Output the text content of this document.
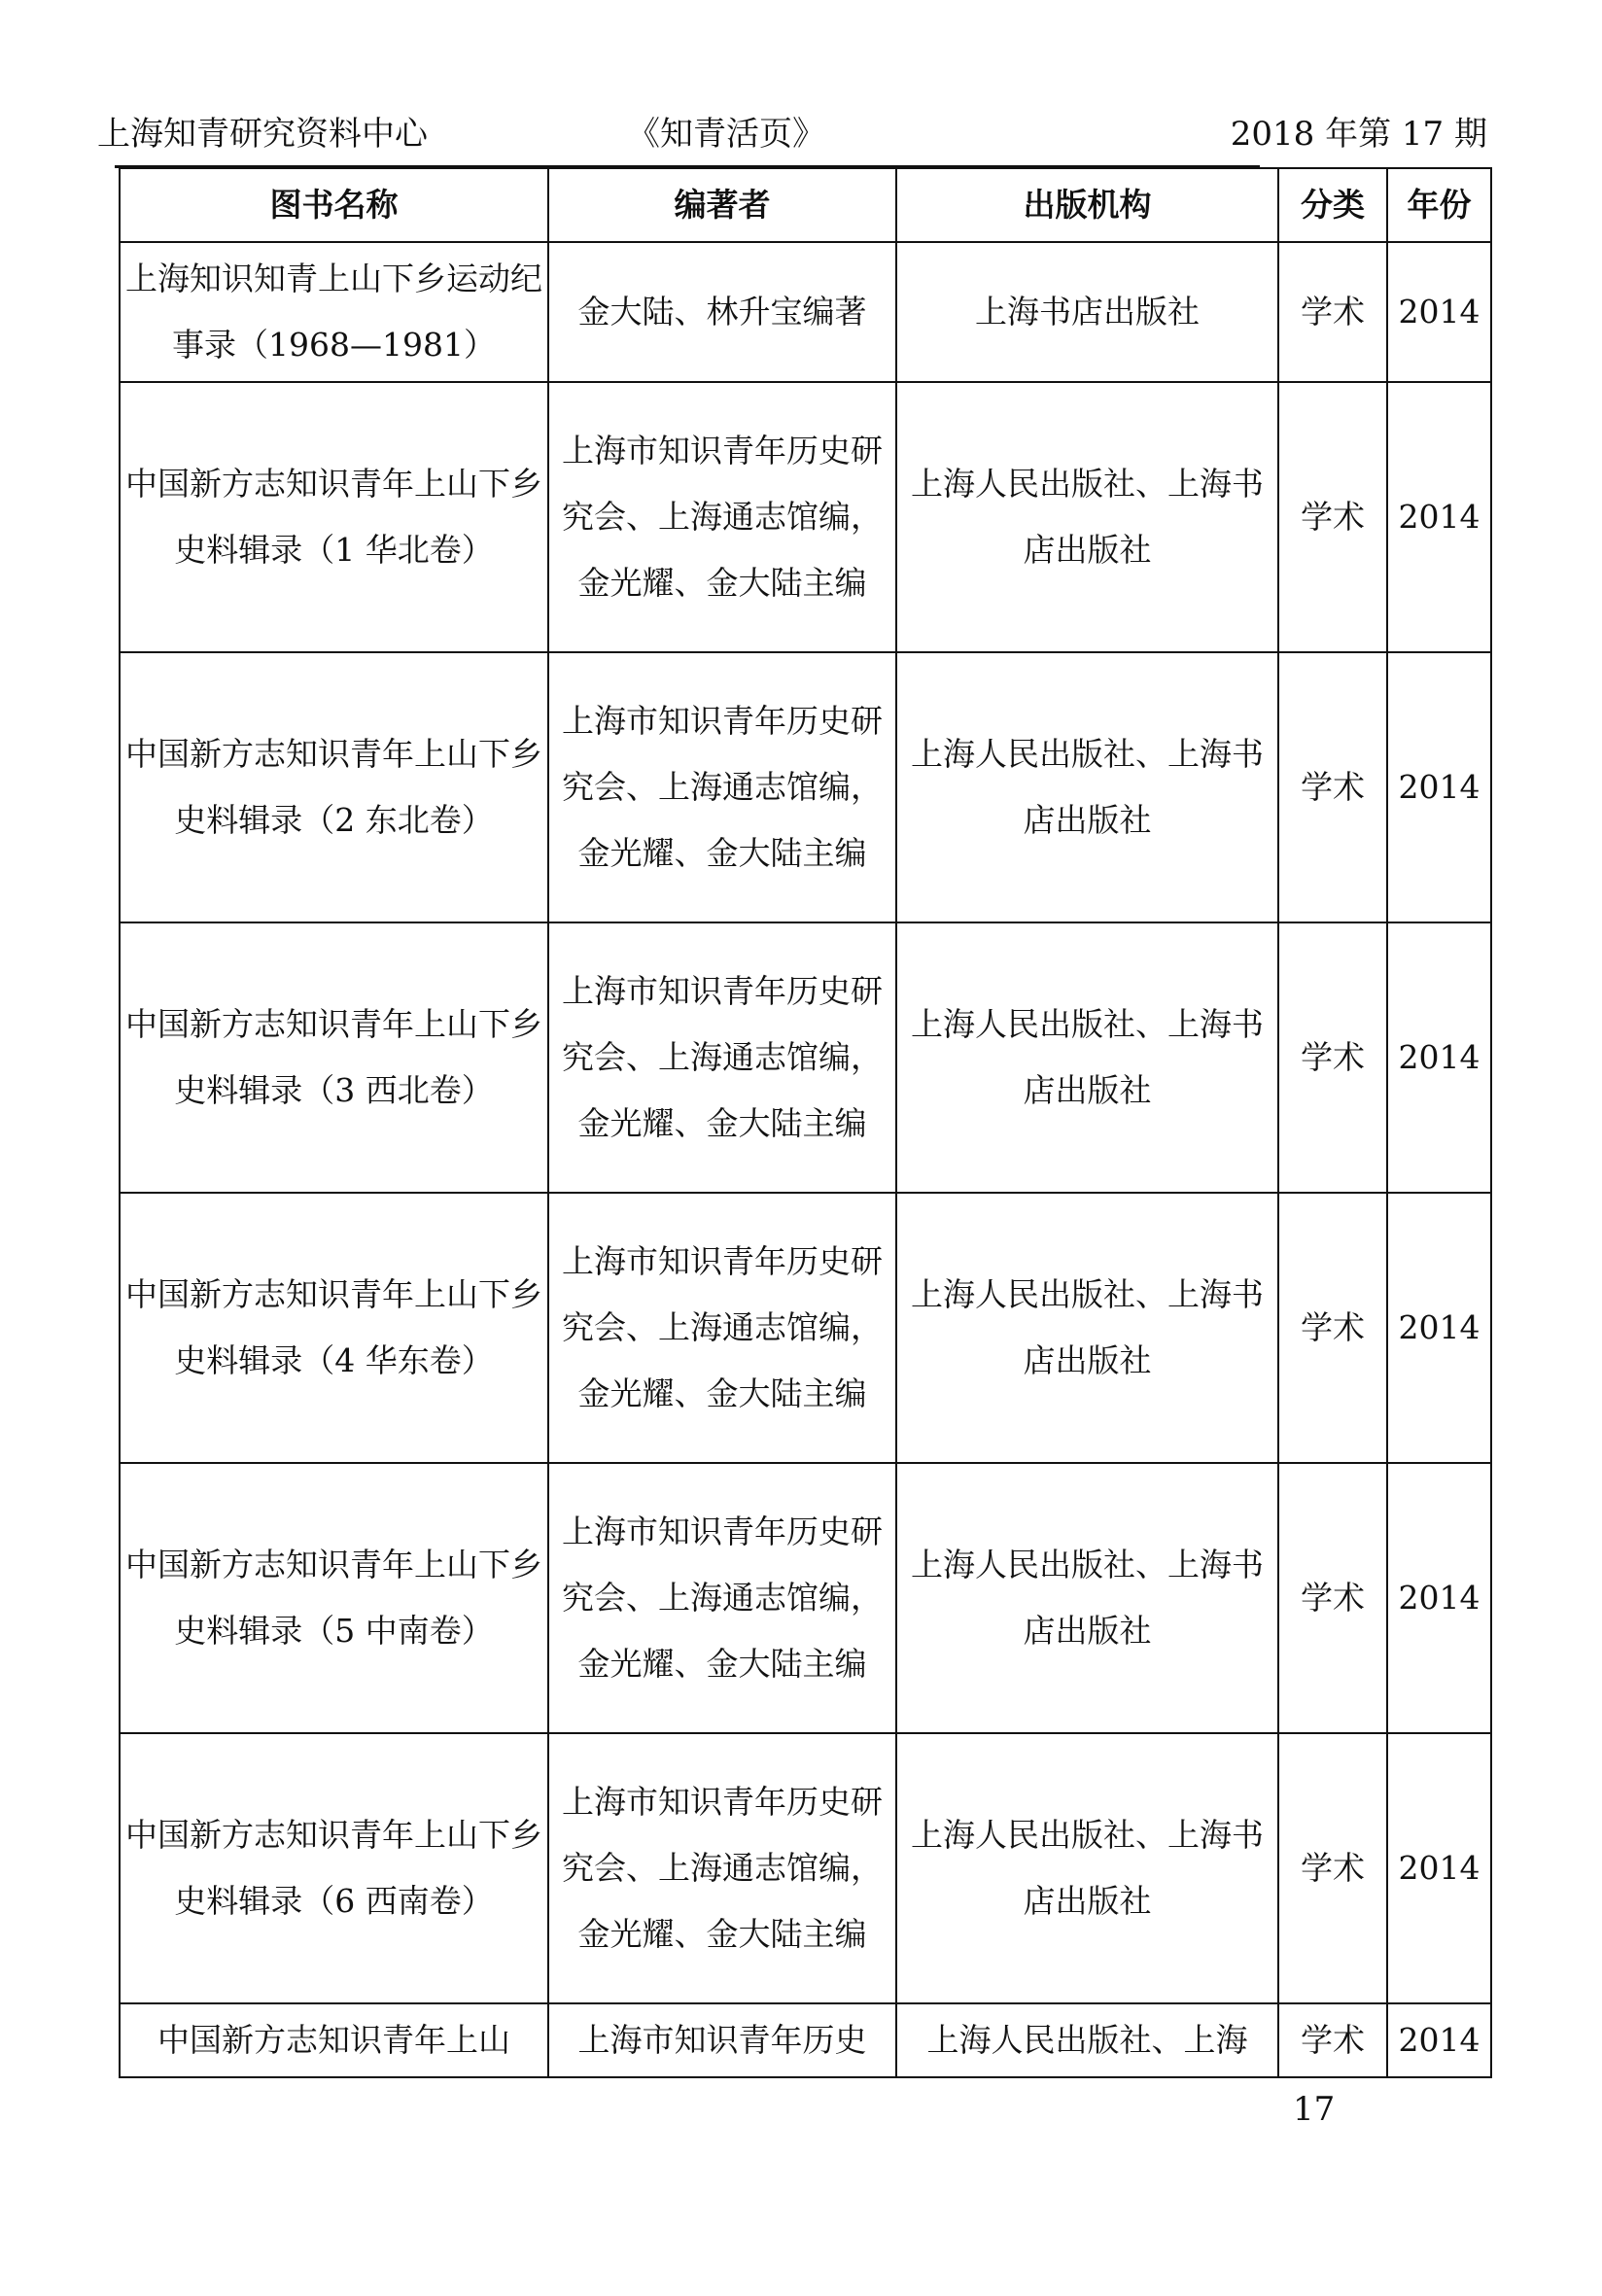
上海知青研究资料中心	《知青活页》	2018 年第 17 期
图书名称	编著者	出版机构	分类	年份
上海知识知青上山下乡运动纪事录（1968—1981）	金大陆、林升宝编著	上海书店出版社	学术	2014
中国新方志知识青年上山下乡史料辑录（1 华北卷）	上海市知识青年历史研究会、上海通志馆编，金光耀、金大陆主编	上海人民出版社、上海书店出版社	学术	2014
中国新方志知识青年上山下乡史料辑录（2 东北卷）	上海市知识青年历史研究会、上海通志馆编，金光耀、金大陆主编	上海人民出版社、上海书店出版社	学术	2014
中国新方志知识青年上山下乡史料辑录（3 西北卷）	上海市知识青年历史研究会、上海通志馆编，金光耀、金大陆主编	上海人民出版社、上海书店出版社	学术	2014
中国新方志知识青年上山下乡史料辑录（4 华东卷）	上海市知识青年历史研究会、上海通志馆编，金光耀、金大陆主编	上海人民出版社、上海书店出版社	学术	2014
中国新方志知识青年上山下乡史料辑录（5 中南卷）	上海市知识青年历史研究会、上海通志馆编，金光耀、金大陆主编	上海人民出版社、上海书店出版社	学术	2014
中国新方志知识青年上山下乡史料辑录（6 西南卷）	上海市知识青年历史研究会、上海通志馆编，金光耀、金大陆主编	上海人民出版社、上海书店出版社	学术	2014
中国新方志知识青年上山	上海市知识青年历史	上海人民出版社、上海	学术	2014
17
